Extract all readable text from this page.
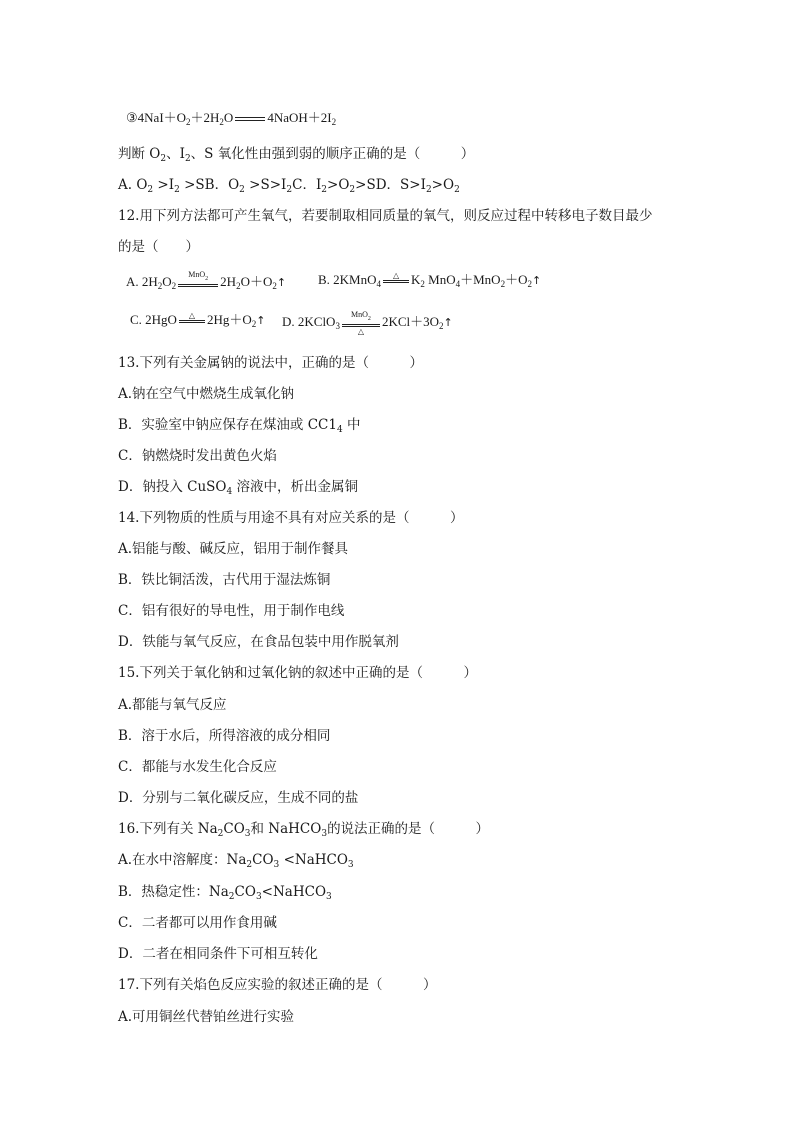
$③4NaI+O_2+2H_2O$	$4NaOH+2I_2$
判断 $O_2$、$I_2$、S 氧化性由强到弱的顺序正确的是（　　　）
A. $O_2 >I_2 >SB$．$O_2 >S>I_2C$．$I_2>O_2>SD$．$S>I_2>O_2$
12.用下列方法都可产生氧气，若要制取相同质量的氧气，则反应过程中转移电子数目最少
的是（　　）
A. $2H_2O_2$
MnO$_2$
$2H_2O+O_2↑$ B. 2KMnO$_4$
△
$K_2$ $MnO_4+MnO_2+O_2↑$
C. 2HgO	△
$2Hg+O_2↑$ D. 2KClO$_3$
MnO$_2$
△
$2KCl+3O_2↑$
13.下列有关金属钠的说法中，正确的是（　　　）
A.钠在空气中燃烧生成氧化钠
B．实验室中钠应保存在煤油或 $CC1_4$ 中
C．钠燃烧时发出黄色火焰
D．钠投入 CuSO$_4$ 溶液中，析出金属铜
14.下列物质的性质与用途不具有对应关系的是（　　　）
A.铝能与酸、碱反应，铝用于制作餐具
B．铁比铜活泼，古代用于湿法炼铜
C．铝有很好的导电性，用于制作电线
D．铁能与氧气反应，在食品包装中用作脱氧剂
15.下列关于氧化钠和过氧化钠的叙述中正确的是（　　　）
A.都能与氧气反应
B．溶于水后，所得溶液的成分相同
C．都能与水发生化合反应
D．分别与二氧化碳反应，生成不同的盐
16.下列有关 $Na_2CO_3$和 NaHCO$_3$的说法正确的是（　　　）
A.在水中溶解度：$Na_2CO_3$ <NaHCO$_3$
B．热稳定性：$Na_2CO_3<NaHCO_3$
C．二者都可以用作食用碱
D．二者在相同条件下可相互转化
17.下列有关焰色反应实验的叙述正确的是（　　　）
A.可用铜丝代替铂丝进行实验
